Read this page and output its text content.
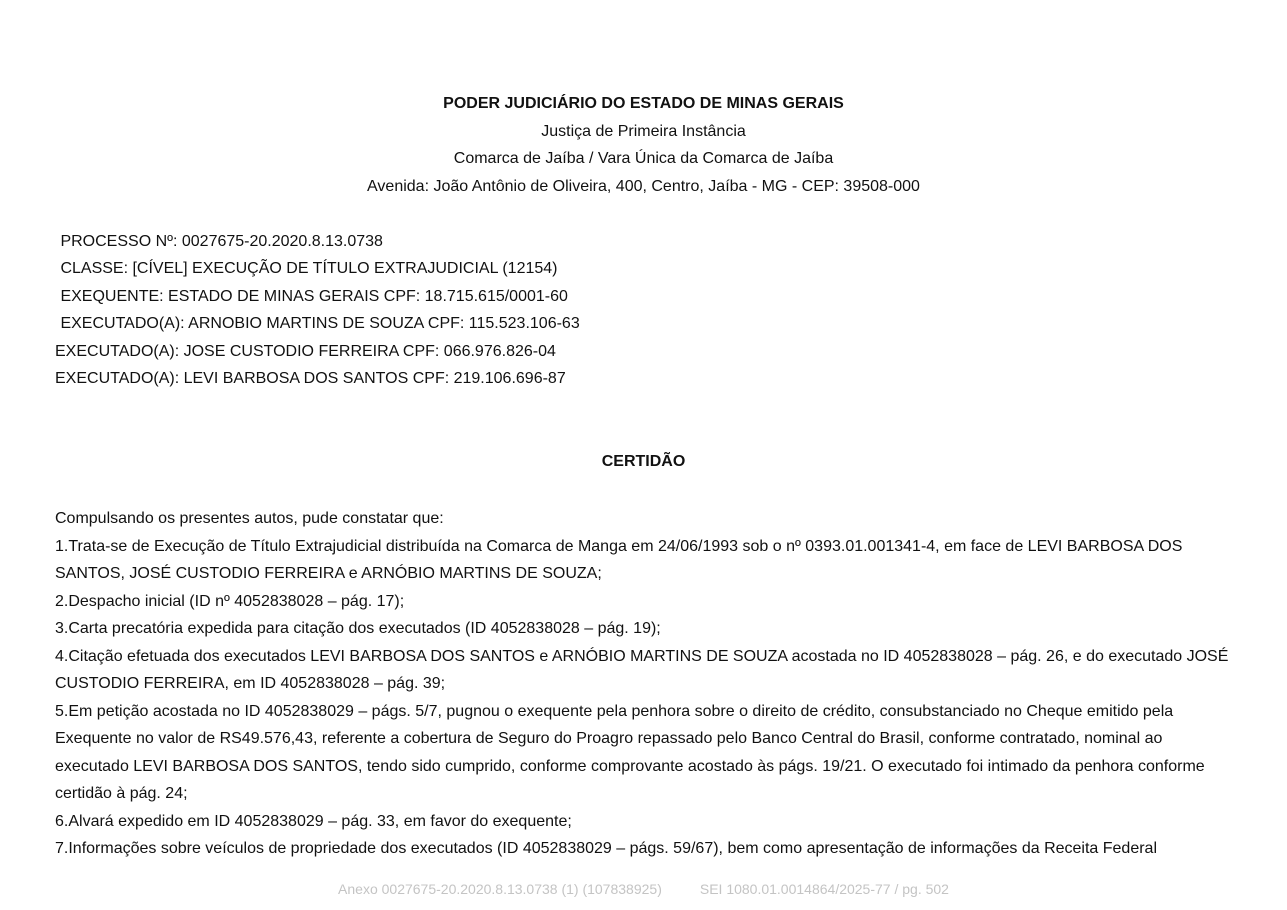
PODER JUDICIÁRIO DO ESTADO DE MINAS GERAIS
Justiça de Primeira Instância
Comarca de Jaíba / Vara Única da Comarca de Jaíba
Avenida: João Antônio de Oliveira, 400, Centro, Jaíba - MG - CEP: 39508-000
PROCESSO Nº: 0027675-20.2020.8.13.0738
CLASSE: [CÍVEL] EXECUÇÃO DE TÍTULO EXTRAJUDICIAL (12154)
EXEQUENTE: ESTADO DE MINAS GERAIS CPF: 18.715.615/0001-60
EXECUTADO(A): ARNOBIO MARTINS DE SOUZA CPF: 115.523.106-63
EXECUTADO(A): JOSE CUSTODIO FERREIRA CPF: 066.976.826-04
EXECUTADO(A): LEVI BARBOSA DOS SANTOS CPF: 219.106.696-87
CERTIDÃO

Compulsando os presentes autos, pude constatar que:

1.Trata-se de Execução de Título Extrajudicial distribuída na Comarca de Manga em 24/06/1993 sob o nº 0393.01.001341-4, em face de LEVI BARBOSA DOS SANTOS, JOSÉ CUSTODIO FERREIRA e ARNÓBIO MARTINS DE SOUZA;

2.Despacho inicial (ID nº 4052838028 – pág. 17);

3.Carta precatória expedida para citação dos executados (ID 4052838028 – pág. 19);

4.Citação efetuada dos executados LEVI BARBOSA DOS SANTOS e ARNÓBIO MARTINS DE SOUZA acostada no ID 4052838028 – pág. 26, e do executado JOSÉ CUSTODIO FERREIRA, em ID 4052838028 – pág. 39;

5.Em petição acostada no ID 4052838029 – págs. 5/7, pugnou o exequente pela penhora sobre o direito de crédito, consubstanciado no Cheque emitido pela Exequente no valor de RS49.576,43, referente a cobertura de Seguro do Proagro repassado pelo Banco Central do Brasil, conforme contratado, nominal ao executado LEVI BARBOSA DOS SANTOS, tendo sido cumprido, conforme comprovante acostado às págs. 19/21. O executado foi intimado da penhora conforme certidão à pág. 24;

6.Alvará expedido em ID 4052838029 – pág. 33, em favor do exequente;

7.Informações sobre veículos de propriedade dos executados (ID 4052838029 – págs. 59/67), bem como apresentação de informações da Receita Federal

Anexo 0027675-20.2020.8.13.0738 (1) (107838925)	SEI 1080.01.0014864/2025-77 / pg. 502
